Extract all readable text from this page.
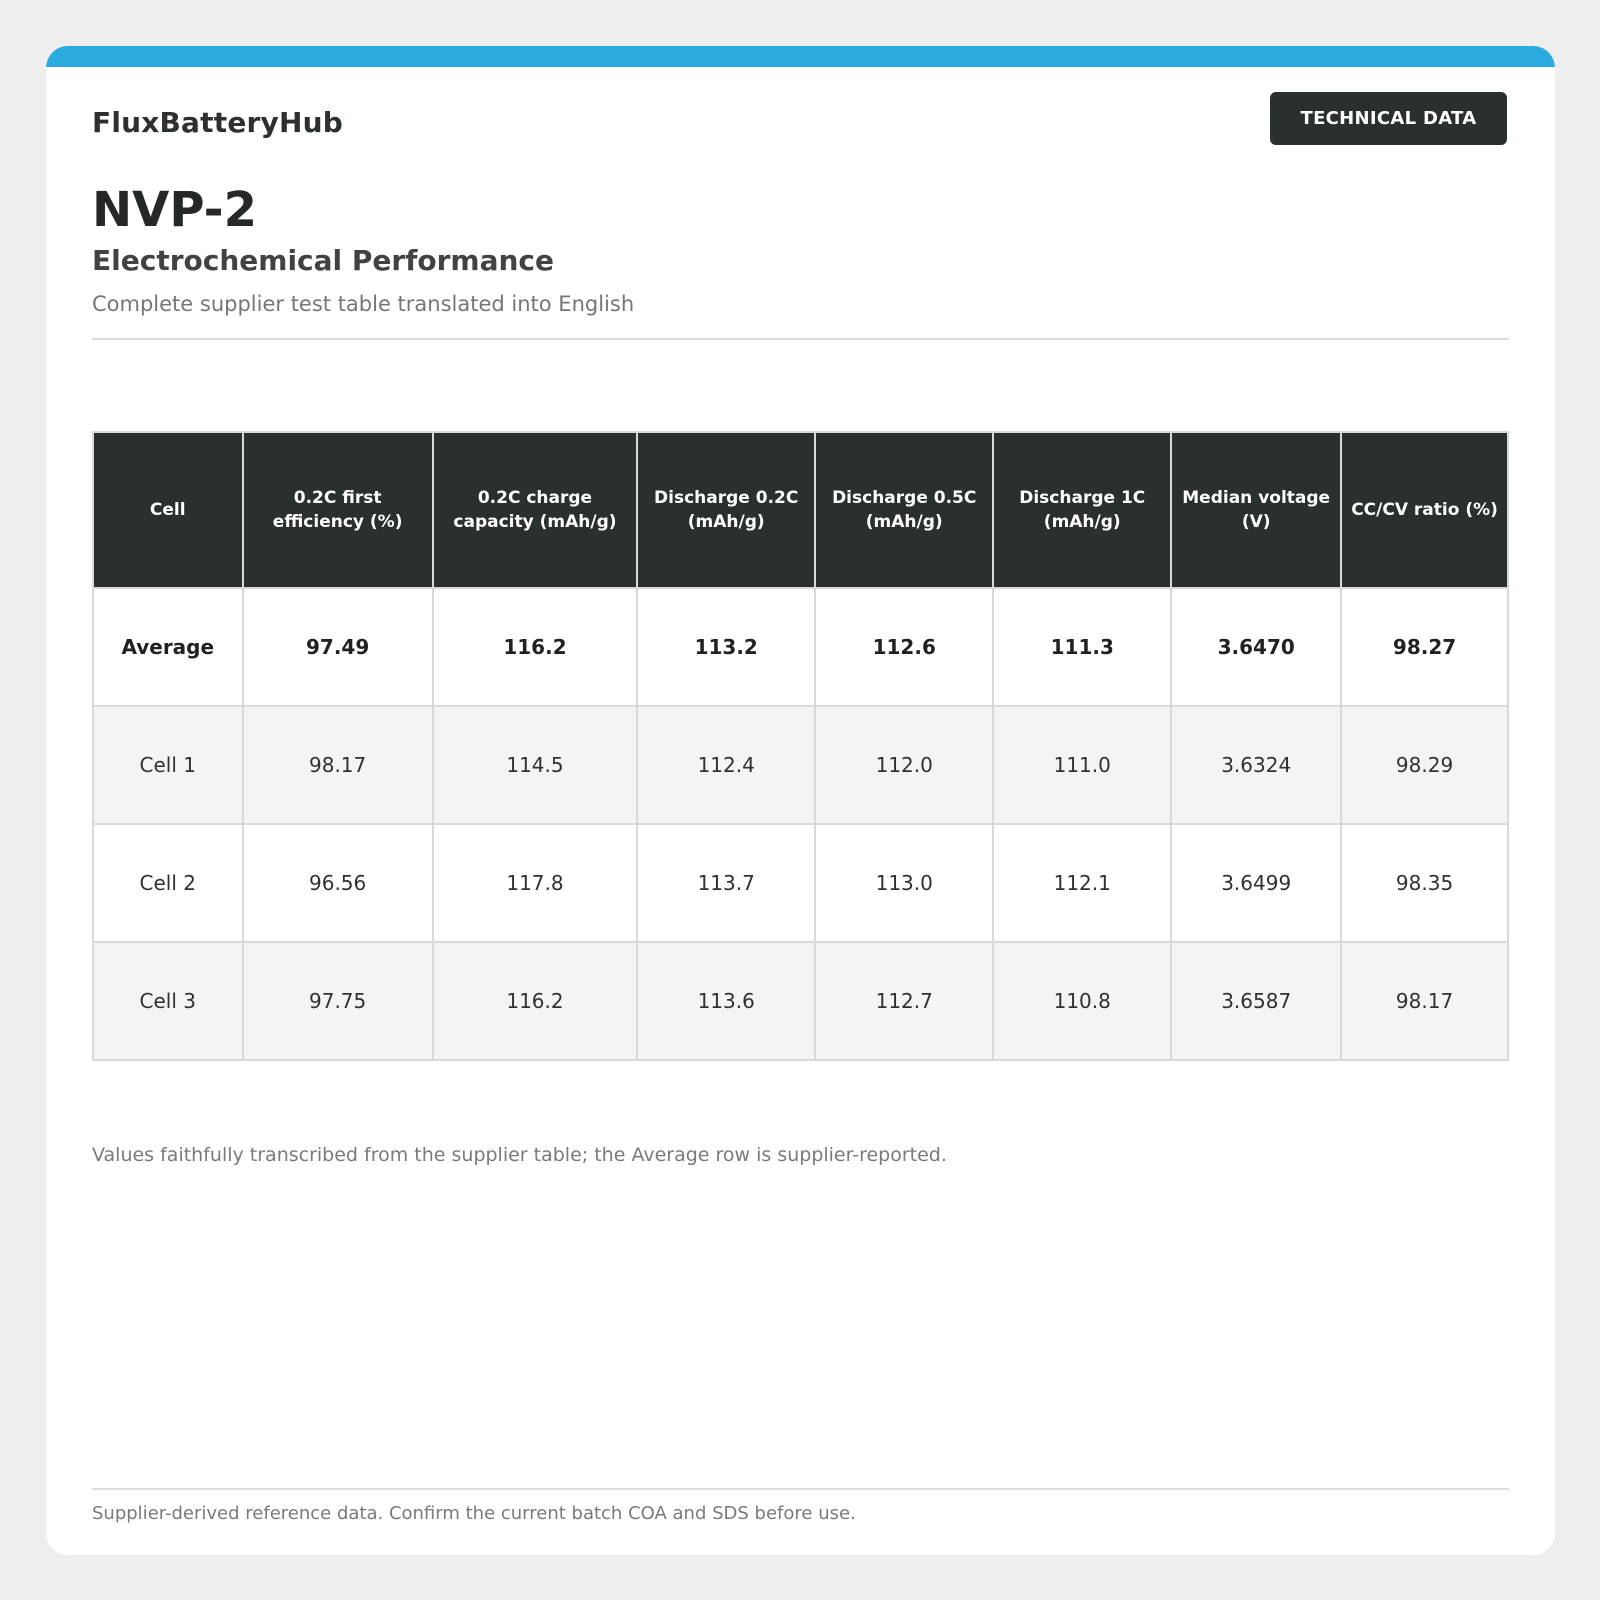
FluxBatteryHub	TECHNICAL DATA
NVP-2
Electrochemical Performance
Complete supplier test table translated into English
Cell	0.2C first efficiency (%)	0.2C charge capacity (mAh/g)	Discharge 0.2C (mAh/g)	Discharge 0.5C (mAh/g)	Discharge 1C (mAh/g)	Median voltage (V)	CC/CV ratio (%)
Average	97.49	116.2	113.2	112.6	111.3	3.6470	98.27
Cell 1	98.17	114.5	112.4	112.0	111.0	3.6324	98.29
Cell 2	96.56	117.8	113.7	113.0	112.1	3.6499	98.35
Cell 3	97.75	116.2	113.6	112.7	110.8	3.6587	98.17
Values faithfully transcribed from the supplier table; the Average row is supplier-reported.
Supplier-derived reference data. Confirm the current batch COA and SDS before use.
